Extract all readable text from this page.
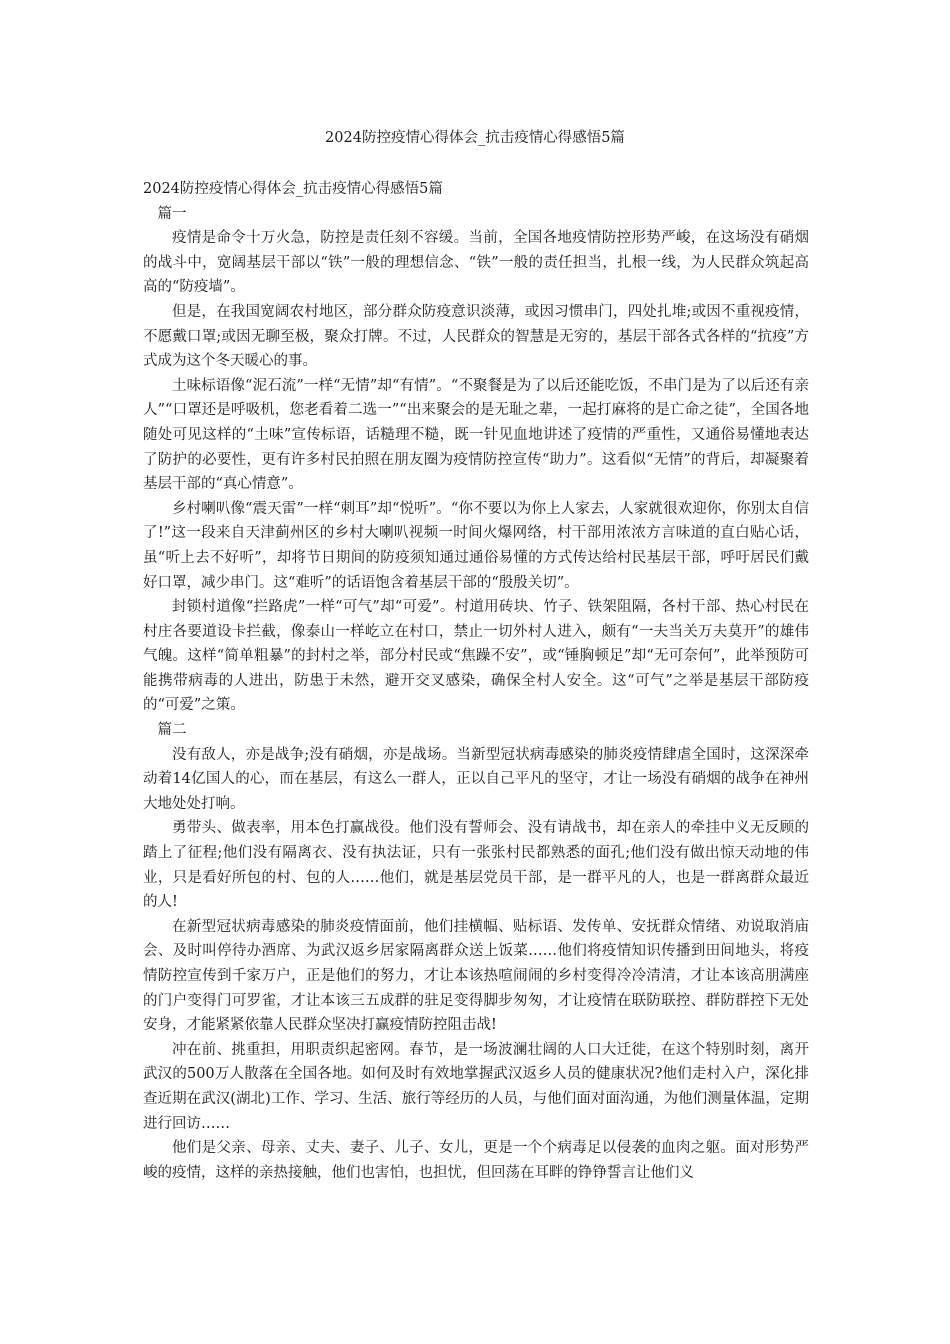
2024防控疫情心得体会_抗击疫情心得感悟5篇

2024防控疫情心得体会_抗击疫情心得感悟5篇

篇一

疫情是命令十万火急，防控是责任刻不容缓。当前，全国各地疫情防控形势严峻，在这场没有硝烟的战斗中，宽阔基层干部以“铁”一般的理想信念、“铁”一般的责任担当，扎根一线，为人民群众筑起高高的“防疫墙”。

但是，在我国宽阔农村地区，部分群众防疫意识淡薄，或因习惯串门，四处扎堆;或因不重视疫情，不愿戴口罩;或因无聊至极，聚众打牌。不过，人民群众的智慧是无穷的，基层干部各式各样的“抗疫”方式成为这个冬天暖心的事。

土味标语像“泥石流”一样“无情”却“有情”。“不聚餐是为了以后还能吃饭，不串门是为了以后还有亲人”“口罩还是呼吸机，您老看着二选一”“出来聚会的是无耻之辈，一起打麻将的是亡命之徒”，全国各地随处可见这样的“土味”宣传标语，话糙理不糙，既一针见血地讲述了疫情的严重性，又通俗易懂地表达了防护的必要性，更有许多村民拍照在朋友圈为疫情防控宣传“助力”。这看似“无情”的背后，却凝聚着基层干部的“真心情意”。

乡村喇叭像“震天雷”一样“刺耳”却“悦听”。“你不要以为你上人家去，人家就很欢迎你，你别太自信了!”这一段来自天津蓟州区的乡村大喇叭视频一时间火爆网络，村干部用浓浓方言味道的直白贴心话，虽“听上去不好听”，却将节日期间的防疫须知通过通俗易懂的方式传达给村民基层干部，呼吁居民们戴好口罩，减少串门。这“难听”的话语饱含着基层干部的“殷殷关切”。

封锁村道像“拦路虎”一样“可气”却“可爱”。村道用砖块、竹子、铁架阻隔，各村干部、热心村民在村庄各要道设卡拦截，像泰山一样屹立在村口，禁止一切外村人进入，颇有“一夫当关万夫莫开”的雄伟气魄。这样“简单粗暴”的封村之举，部分村民或“焦躁不安”，或“锤胸顿足”却“无可奈何”，此举预防可能携带病毒的人进出，防患于未然，避开交叉感染，确保全村人安全。这“可气”之举是基层干部防疫的“可爱”之策。

篇二

没有敌人，亦是战争;没有硝烟，亦是战场。当新型冠状病毒感染的肺炎疫情肆虐全国时，这深深牵动着14亿国人的心，而在基层，有这么一群人，正以自己平凡的坚守，才让一场没有硝烟的战争在神州大地处处打响。

勇带头、做表率，用本色打赢战役。他们没有誓师会、没有请战书，却在亲人的牵挂中义无反顾的踏上了征程;他们没有隔离衣、没有执法证，只有一张张村民都熟悉的面孔;他们没有做出惊天动地的伟业，只是看好所包的村、包的人……他们，就是基层党员干部，是一群平凡的人，也是一群离群众最近的人!

在新型冠状病毒感染的肺炎疫情面前，他们挂横幅、贴标语、发传单、安抚群众情绪、劝说取消庙会、及时叫停待办酒席、为武汉返乡居家隔离群众送上饭菜……他们将疫情知识传播到田间地头，将疫情防控宣传到千家万户，正是他们的努力，才让本该热喧闹闹的乡村变得冷冷清清，才让本该高朋满座的门户变得门可罗雀，才让本该三五成群的驻足变得脚步匆匆，才让疫情在联防联控、群防群控下无处安身，才能紧紧依靠人民群众坚决打赢疫情防控阻击战!

冲在前、挑重担，用职责织起密网。春节，是一场波澜壮阔的人口大迁徙，在这个特别时刻，离开武汉的500万人散落在全国各地。如何及时有效地掌握武汉返乡人员的健康状况?他们走村入户，深化排查近期在武汉(湖北)工作、学习、生活、旅行等经历的人员，与他们面对面沟通，为他们测量体温，定期进行回访……

他们是父亲、母亲、丈夫、妻子、儿子、女儿，更是一个个病毒足以侵袭的血肉之躯。面对形势严峻的疫情，这样的亲热接触，他们也害怕，也担忧，但回荡在耳畔的铮铮誓言让他们义
